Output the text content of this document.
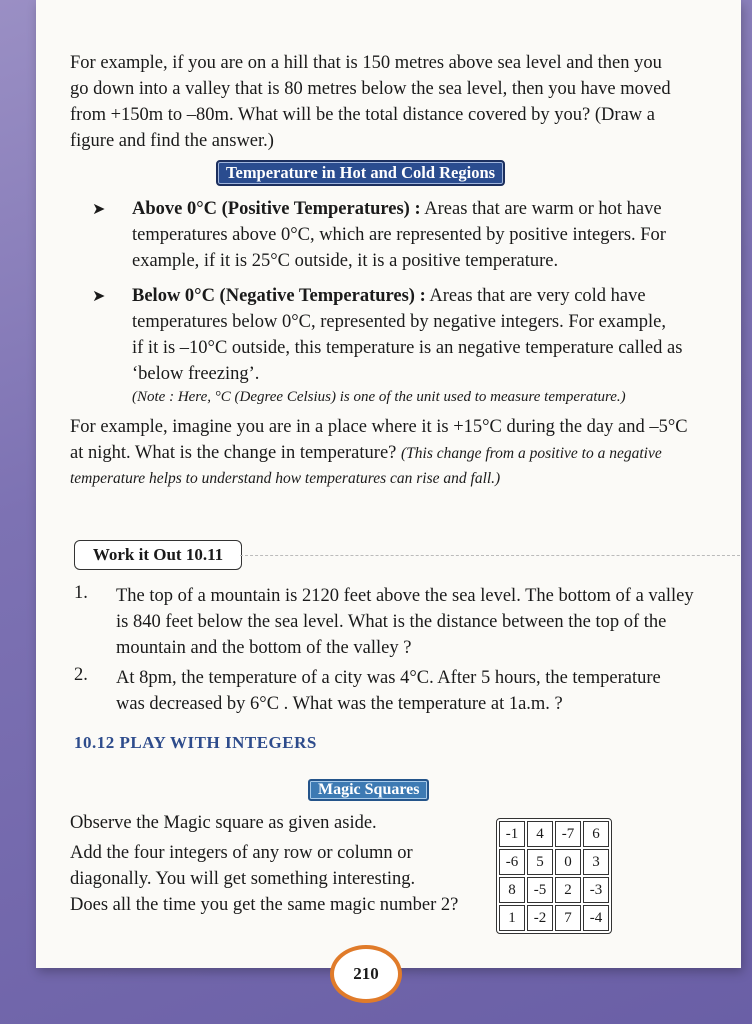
For example, if you are on a hill that is 150 metres above sea level and then you
go down into a valley that is 80 metres below the sea level, then you have moved
from +150m to –80m. What will be the total distance covered by you? (Draw a
figure and find the answer.)
Temperature in Hot and Cold Regions
➤ Above 0°C (Positive Temperatures) : Areas that are warm or hot have
temperatures above 0°C, which are represented by positive integers. For
example, if it is 25°C outside, it is a positive temperature.
➤ Below 0°C (Negative Temperatures) : Areas that are very cold have
temperatures below 0°C, represented by negative integers. For example,
if it is –10°C outside, this temperature is an negative temperature called as
‘below freezing’.
(Note : Here, °C (Degree Celsius) is one of the unit used to measure temperature.)
For example, imagine you are in a place where it is +15°C during the day and –5°C
at night. What is the change in temperature? (This change from a positive to a negative
temperature helps to understand how temperatures can rise and fall.)
Work it Out 10.11
1. The top of a mountain is 2120 feet above the sea level. The bottom of a valley
is 840 feet below the sea level. What is the distance between the top of the
mountain and the bottom of the valley ?
2. At 8pm, the temperature of a city was 4°C. After 5 hours, the temperature
was decreased by 6°C . What was the temperature at 1a.m. ?
10.12 PLAY WITH INTEGERS
Magic Squares
Observe the Magic square as given aside.
Add the four integers of any row or column or
diagonally. You will get something interesting.
Does all the time you get the same magic number 2?
-1	4	-7	6
-6	5	0	3
8	-5	2	-3
1	-2	7	-4
210
